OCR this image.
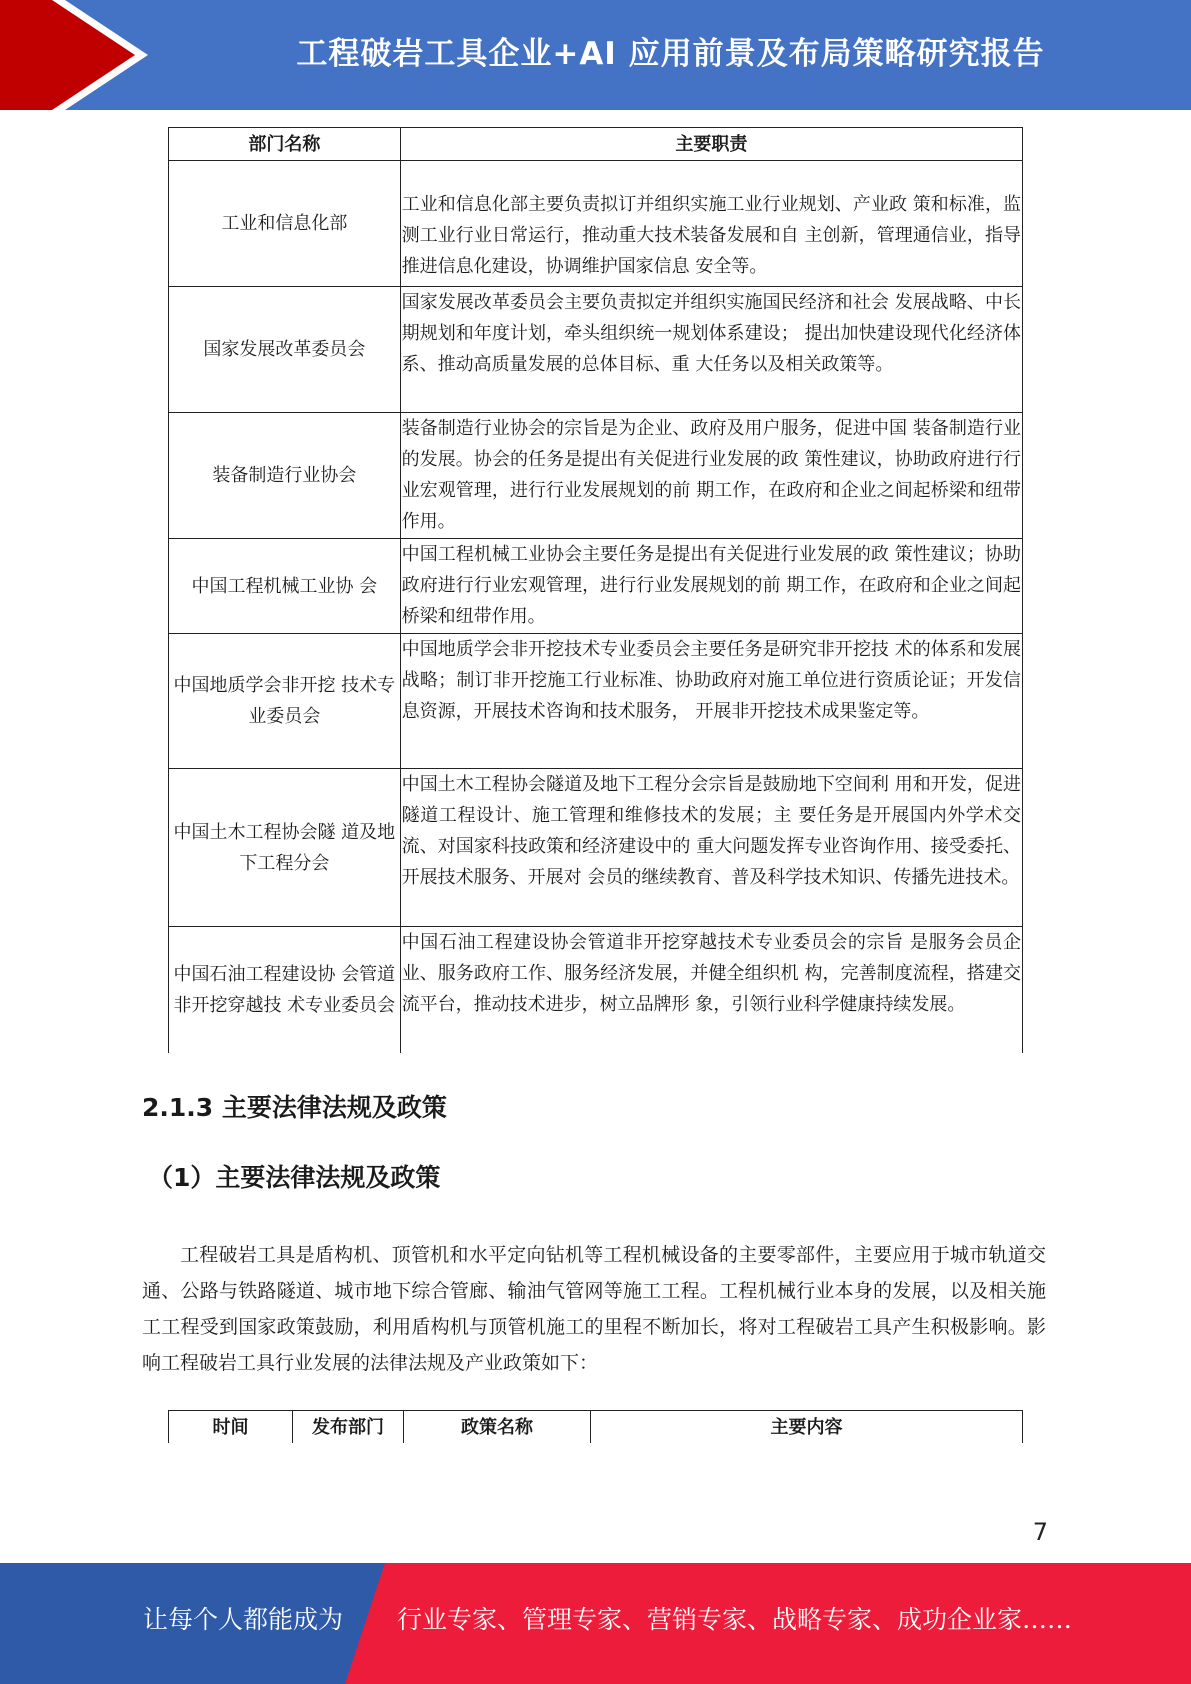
工程破岩工具企业+AI 应用前景及布局策略研究报告
部门名称	主要职责
工业和信息化部	工业和信息化部主要负责拟订并组织实施工业行业规划、产业政 策和标准，监测工业行业日常运行，推动重大技术装备发展和自 主创新，管理通信业，指导推进信息化建设，协调维护国家信息 安全等。
国家发展改革委员会	国家发展改革委员会主要负责拟定并组织实施国民经济和社会 发展战略、中长期规划和年度计划，牵头组织统一规划体系建设； 提出加快建设现代化经济体系、推动高质量发展的总体目标、重 大任务以及相关政策等。
装备制造行业协会	装备制造行业协会的宗旨是为企业、政府及用户服务，促进中国 装备制造行业的发展。协会的任务是提出有关促进行业发展的政 策性建议，协助政府进行行业宏观管理，进行行业发展规划的前 期工作，在政府和企业之间起桥梁和纽带作用。
中国工程机械工业协 会	中国工程机械工业协会主要任务是提出有关促进行业发展的政 策性建议；协助政府进行行业宏观管理，进行行业发展规划的前 期工作，在政府和企业之间起桥梁和纽带作用。
中国地质学会非开挖 技术专业委员会	中国地质学会非开挖技术专业委员会主要任务是研究非开挖技 术的体系和发展战略；制订非开挖施工行业标准、协助政府对施工单位进行资质论证；开发信息资源，开展技术咨询和技术服务， 开展非开挖技术成果鉴定等。
中国土木工程协会隧 道及地下工程分会	中国土木工程协会隧道及地下工程分会宗旨是鼓励地下空间利 用和开发，促进隧道工程设计、施工管理和维修技术的发展；主 要任务是开展国内外学术交流、对国家科技政策和经济建设中的 重大问题发挥专业咨询作用、接受委托、开展技术服务、开展对 会员的继续教育、普及科学技术知识、传播先进技术。
中国石油工程建设协 会管道非开挖穿越技 术专业委员会	中国石油工程建设协会管道非开挖穿越技术专业委员会的宗旨 是服务会员企业、服务政府工作、服务经济发展，并健全组织机 构，完善制度流程，搭建交流平台，推动技术进步，树立品牌形 象，引领行业科学健康持续发展。
2.1.3 主要法律法规及政策
（1）主要法律法规及政策

工程破岩工具是盾构机、顶管机和水平定向钻机等工程机械设备的主要零部件，主要应用于城市轨道交通、公路与铁路隧道、城市地下综合管廊、输油气管网等施工工程。工程机械行业本身的发展，以及相关施工工程受到国家政策鼓励，利用盾构机与顶管机施工的里程不断加长，将对工程破岩工具产生积极影响。影响工程破岩工具行业发展的法律法规及产业政策如下：

时间	发布部门	政策名称	主要内容
7
让每个人都能成为 行业专家、管理专家、营销专家、战略专家、成功企业家……
